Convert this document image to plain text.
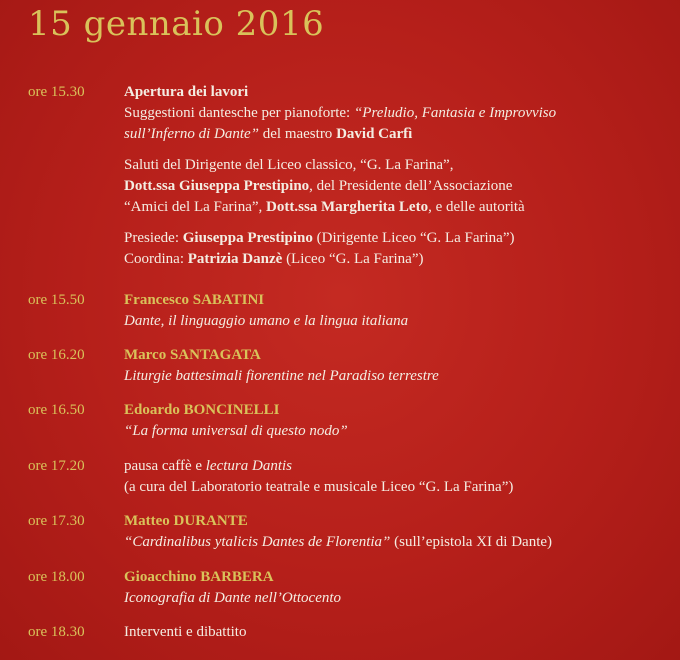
15 gennaio 2016
ore 15.30	Apertura dei lavori
Suggestioni dantesche per pianoforte: “Preludio, Fantasia e Improvviso
sull’Inferno di Dante” del maestro David Carfì
Saluti del Dirigente del Liceo classico, “G. La Farina”,
Dott.ssa Giuseppa Prestipino, del Presidente dell’Associazione
“Amici del La Farina”, Dott.ssa Margherita Leto, e delle autorità
Presiede: Giuseppa Prestipino (Dirigente Liceo “G. La Farina”)
Coordina: Patrizia Danzè (Liceo “G. La Farina”)
ore 15.50	Francesco SABATINI
Dante, il linguaggio umano e la lingua italiana
ore 16.20	Marco SANTAGATA
Liturgie battesimali fiorentine nel Paradiso terrestre
ore 16.50	Edoardo BONCINELLI
“La forma universal di questo nodo”
ore 17.20	pausa caffè e lectura Dantis
(a cura del Laboratorio teatrale e musicale Liceo “G. La Farina”)
ore 17.30	Matteo DURANTE
“Cardinalibus ytalicis Dantes de Florentia” (sull’epistola XI di Dante)
ore 18.00	Gioacchino BARBERA
Iconografia di Dante nell’Ottocento
ore 18.30	Interventi e dibattito
